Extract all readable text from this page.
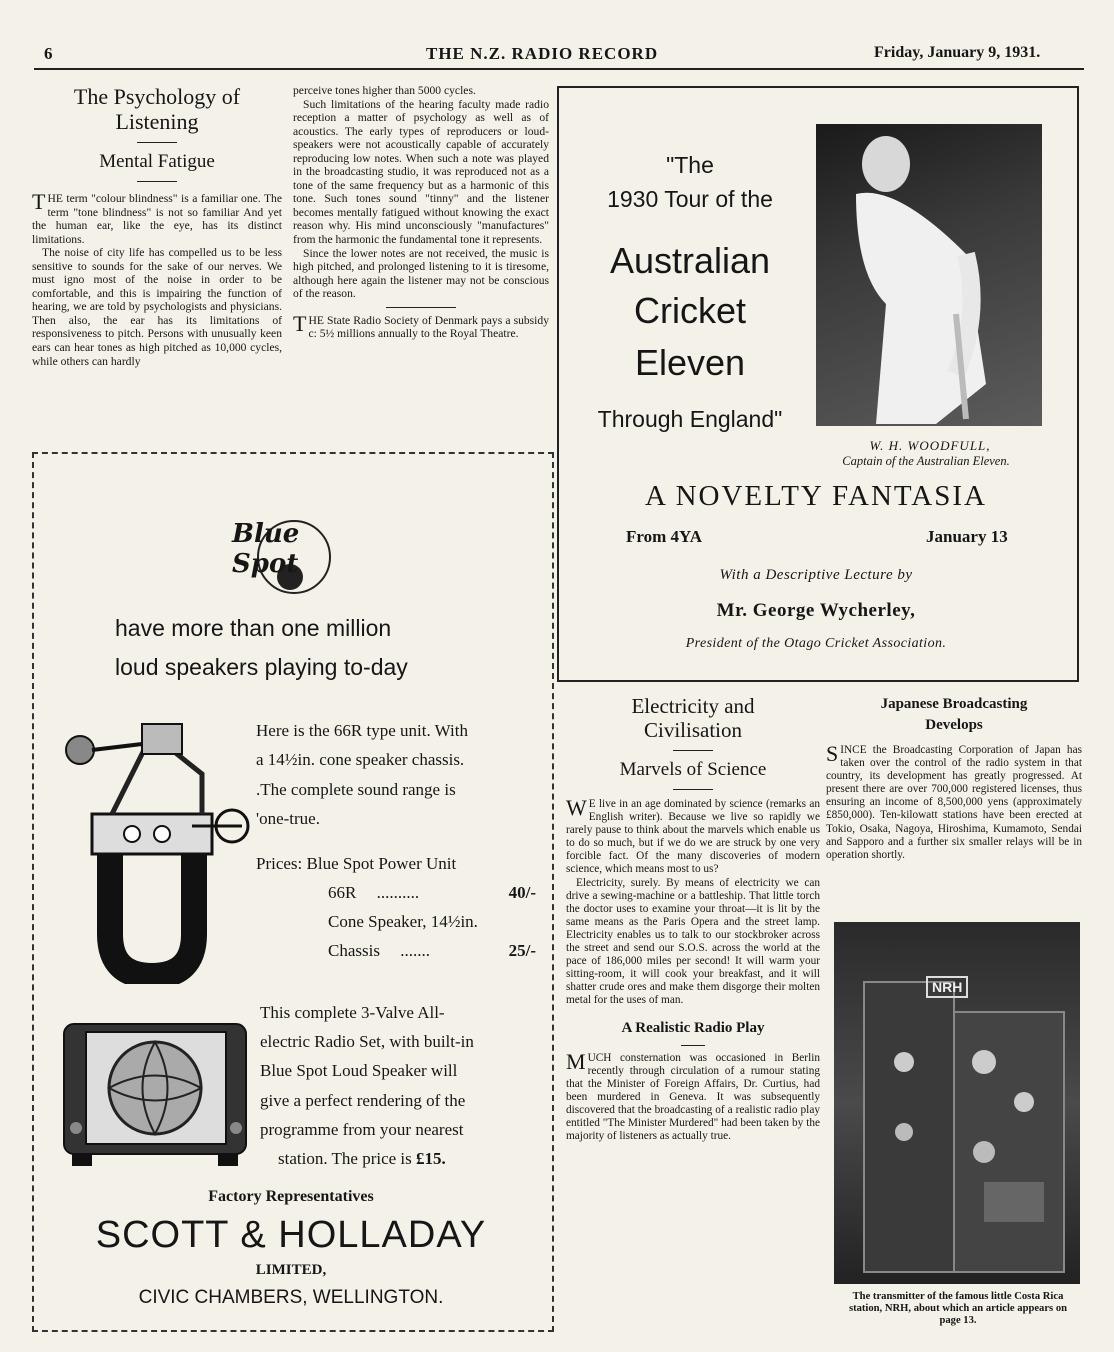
6	THE N.Z. RADIO RECORD	Friday, January 9, 1931.
The Psychology of
Listening
Mental Fatigue

THE term "colour blindness" is a familiar one. The term "tone blindness" is not so familiar And yet the human ear, like the eye, has its distinct limitations.

The noise of city life has compelled us to be less sensitive to sounds for the sake of our nerves. We must igno most of the noise in order to be comfortable, and this is impairing the function of hearing, we are told by psychologists and physicians. Then also, the ear has its limitations of responsiveness to pitch. Persons with unusually keen ears can hear tones as high pitched as 10,000 cycles, while others can hardly

perceive tones higher than 5000 cycles.

Such limitations of the hearing faculty made radio reception a matter of psychology as well as of acoustics. The early types of reproducers or loud-speakers were not acoustically capable of accurately reproducing low notes. When such a note was played in the broadcasting studio, it was reproduced not as a tone of the same frequency but as a harmonic of this tone. Such tones sound "tinny" and the listener becomes mentally fatigued without knowing the exact reason why. His mind unconsciously "manufactures" from the harmonic the fundamental tone it represents.

Since the lower notes are not received, the music is high pitched, and prolonged listening to it is tiresome, although here again the listener may not be conscious of the reason.

THE State Radio Society of Denmark pays a subsidy c: 5½ millions annually to the Royal Theatre.

Blue Spot
have more than one million
loud speakers playing to-day
Here is the 66R type unit. With
a 14½in. cone speaker chassis.
.The complete sound range is
'one-true.
Prices: Blue Spot Power Unit
66R ..........	40/-
Cone Speaker, 14½in.
Chassis .......	25/-
This complete 3-Valve All-
electric Radio Set, with built-in
Blue Spot Loud Speaker will
give a perfect rendering of the
programme from your nearest
station. The price is £15.
Factory Representatives
SCOTT & HOLLADAY
LIMITED,
CIVIC CHAMBERS, WELLINGTON.
"The
1930 Tour of the
Australian
Cricket
Eleven
Through England"
W. H. WOODFULL,
Captain of the Australian Eleven.
A NOVELTY FANTASIA
From 4YA	January 13
With a Descriptive Lecture by
Mr. George Wycherley,
President of the Otago Cricket Association.
Electricity and
Civilisation
Marvels of Science

W E live in an age dominated by science (remarks an English writer). Because we live so rapidly we rarely pause to think about the marvels which enable us to do so much, but if we do we are struck by one very forcible fact. Of the many discoveries of modern science, which means most to us?

Electricity, surely. By means of electricity we can drive a sewing-machine or a battleship. That little torch the doctor uses to examine your throat—it is lit by the same means as the Paris Opera and the street lamp. Electricity enables us to talk to our stockbroker across the street and send our S.O.S. across the world at the pace of 186,000 miles per second! It will warm your sitting-room, it will cook your breakfast, and it will shatter crude ores and make them disgorge their molten metal for the uses of man.

A Realistic Radio Play

MUCH consternation was occasioned in Berlin recently through circulation of a rumour stating that the Minister of Foreign Affairs, Dr. Curtius, had been murdered in Geneva. It was subsequently discovered that the broadcasting of a realistic radio play entitled "The Minister Murdered" had been taken by the majority of listeners as actually true.

Japanese Broadcasting
Develops

SINCE the Broadcasting Corporation of Japan has taken over the control of the radio system in that country, its development has greatly progressed. At present there are over 700,000 registered licenses, thus ensuring an income of 8,500,000 yens (approximately £850,000). Ten-kilowatt stations have been erected at Tokio, Osaka, Nagoya, Hiroshima, Kumamoto, Sendai and Sapporo and a further six smaller relays will be in operation shortly.

NRH
The transmitter of the famous little Costa Rica station, NRH, about which an article appears on page 13.
